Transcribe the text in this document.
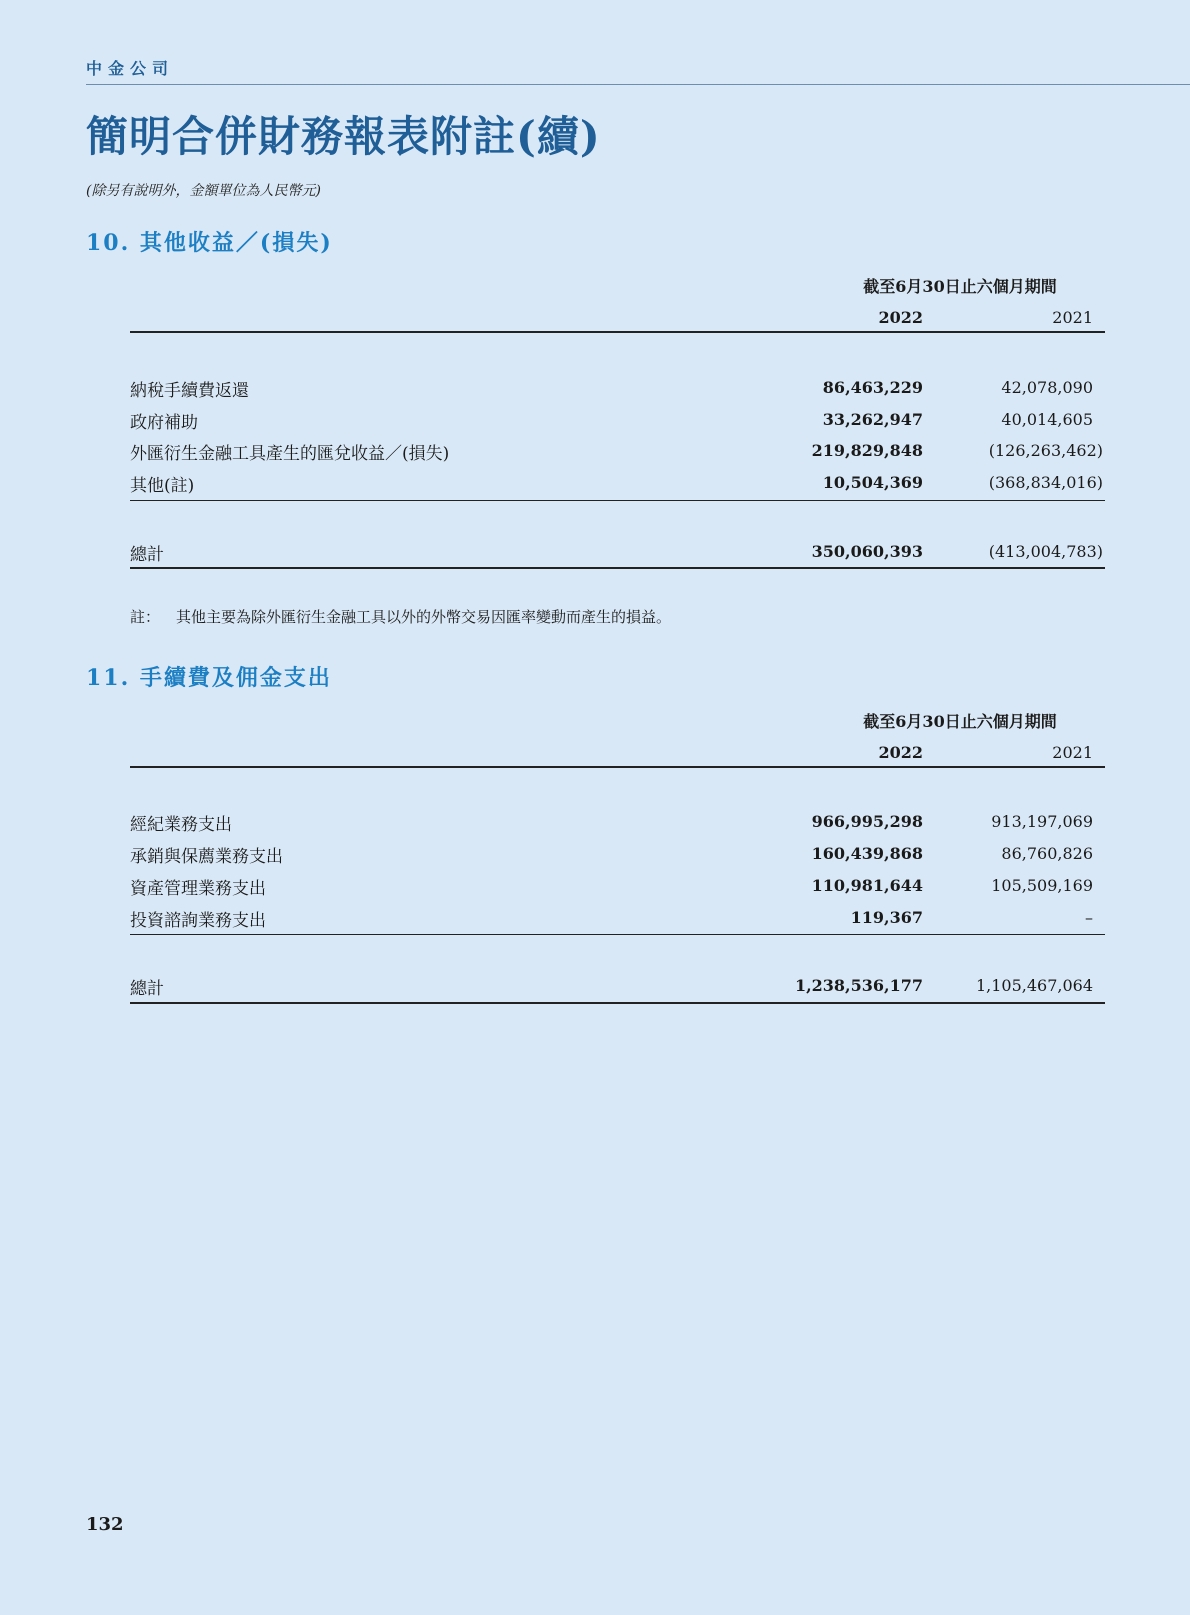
中金公司
簡明合併財務報表附註(續)
(除另有說明外，金額單位為人民幣元)
10. 其他收益／(損失)
截至6月30日止六個月期間
2022	2021
納稅手續費返還	86,463,229	42,078,090
政府補助	33,262,947	40,014,605
外匯衍生金融工具產生的匯兌收益／(損失)	219,829,848	(126,263,462)
其他(註)	10,504,369	(368,834,016)
總計	350,060,393	(413,004,783)
註： 其他主要為除外匯衍生金融工具以外的外幣交易因匯率變動而產生的損益。
11. 手續費及佣金支出
截至6月30日止六個月期間
2022	2021
經紀業務支出	966,995,298	913,197,069
承銷與保薦業務支出	160,439,868	86,760,826
資產管理業務支出	110,981,644	105,509,169
投資諮詢業務支出	119,367	–
總計	1,238,536,177	1,105,467,064
132
